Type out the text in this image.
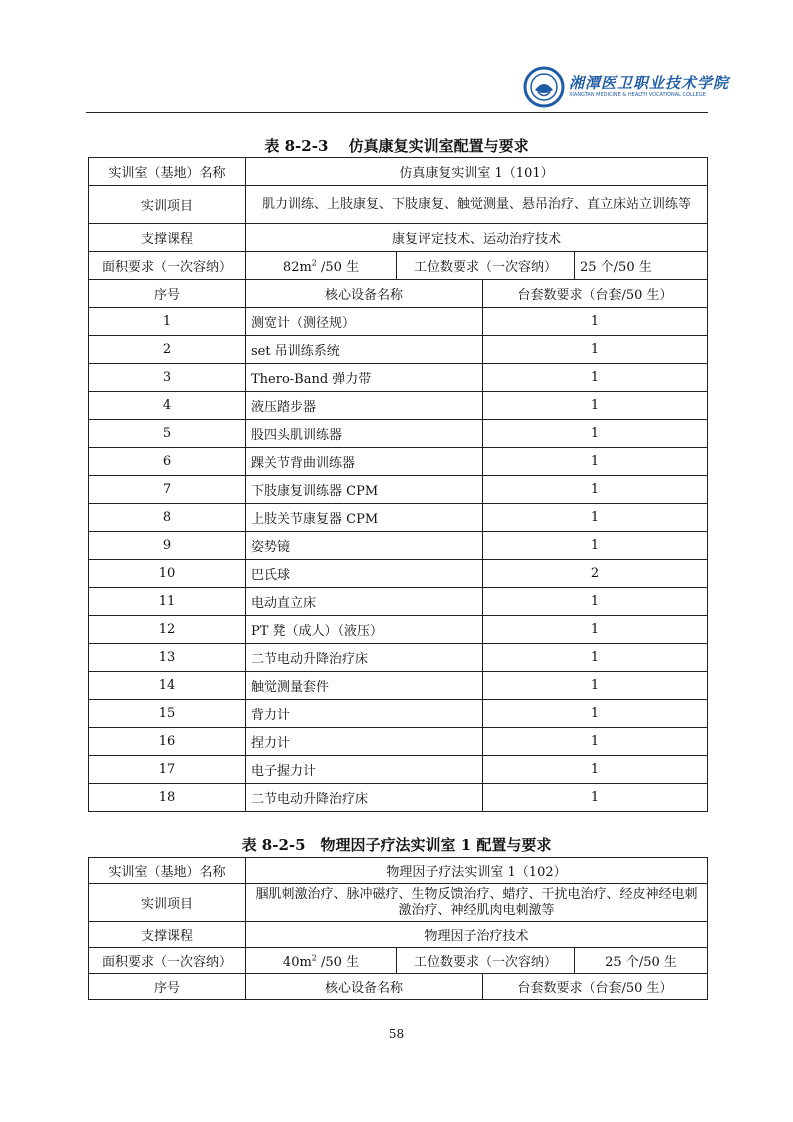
湘潭医卫职业技术学院
XIANGTAN MEDICINE & HEALTH VOCATIONAL COLLEGE
表 8-2-3　 仿真康复实训室配置与要求
实训室（基地）名称	仿真康复实训室 1（101）			
实训项目	肌力训练、上肢康复、下肢康复、触觉测量、悬吊治疗、直立床站立训练等			
支撑课程	康复评定技术、运动治疗技术			
面积要求（一次容纳）	$82m^2$ /50 生	工位数要求（一次容纳）		25 个/50 生
序号	核心设备名称		台套数要求（台套/50 生）	
1	测宽计（测径规）		1	
2	set 吊训练系统		1	
3	Thero-Band 弹力带		1	
4	液压踏步器		1	
5	股四头肌训练器		1	
6	踝关节背曲训练器		1	
7	下肢康复训练器 CPM		1	
8	上肢关节康复器 CPM		1	
9	姿势镜		1	
10	巴氏球		2	
11	电动直立床		1	
12	PT 凳（成人）（液压）		1	
13	二节电动升降治疗床		1	
14	触觉测量套件		1	
15	背力计		1	
16	捏力计		1	
17	电子握力计		1	
18	二节电动升降治疗床		1	
表 8-2-5　物理因子疗法实训室 1 配置与要求
实训室（基地）名称	物理因子疗法实训室 1（102）			
实训项目	腘肌刺激治疗、脉冲磁疗、生物反馈治疗、蜡疗、干扰电治疗、经皮神经电刺激治疗、神经肌肉电刺激等			
支撑课程	物理因子治疗技术			
面积要求（一次容纳）	$40m^2$ /50 生	工位数要求（一次容纳）		25 个/50 生
序号	核心设备名称		台套数要求（台套/50 生）	
58
